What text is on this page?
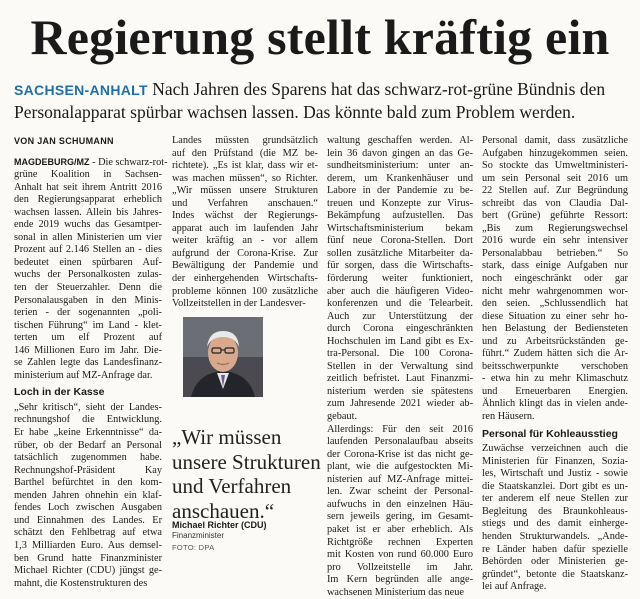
Regierung stellt kräftig ein
SACHSEN-ANHALT Nach Jahren des Sparens hat das schwarz-rot-grüne Bündnis den Personalapparat spürbar wachsen lassen. Das könnte bald zum Problem werden.
VON JAN SCHUMANN
MAGDEBURG/MZ - Die schwarz-rot-
grüne Koalition in Sachsen-
Anhalt hat seit ihrem Antritt 2016
den Regierungsapparat erheblich
wachsen lassen. Allein bis Jahres-
ende 2019 wuchs das Gesamtper-
sonal in allen Ministerien um vier
Prozent auf 2.146 Stellen an - dies
bedeutet einen spürbaren Auf-
wuchs der Personalkosten zulas-
ten der Steuerzahler. Denn die
Personalausgaben in den Minis-
terien - der sogenannten „poli-
tischen Führung“ im Land - klet-
terten um elf Prozent auf
146 Millionen Euro im Jahr. Die-
se Zahlen legte das Landesfinanz-
ministerium auf MZ-Anfrage dar.
Loch in der Kasse
„Sehr kritisch“, sieht der Landes-
rechnungshof die Entwicklung.
Er habe „keine Erkenntnisse“ da-
rüber, ob der Bedarf an Personal
tatsächlich zugenommen habe.
Rechnungshof-Präsident Kay
Barthel befürchtet in den kom-
menden Jahren ohnehin ein klaf-
fendes Loch zwischen Ausgaben
und Einnahmen des Landes. Er
schätzt den Fehlbetrag auf etwa
1,3 Milliarden Euro. Aus demsel-
ben Grund hatte Finanzminister
Michael Richter (CDU) jüngst ge-
mahnt, die Kostenstrukturen des
Landes müssten grundsätzlich
auf den Prüfstand (die MZ be-
richtete). „Es ist klar, dass wir et-
was machen müssen“, so Richter.
„Wir müssen unsere Strukturen
und Verfahren anschauen.“
Indes wächst der Regierungs-
apparat auch im laufenden Jahr
weiter kräftig an - vor allem
aufgrund der Corona-Krise. Zur
Bewältigung der Pandemie und
der einhergehenden Wirtschafts-
probleme können 100 zusätzliche
Vollzeitstellen in der Landesver-
„Wir müssen unsere Strukturen und Verfahren anschauen.“
Michael Richter (CDU)
Finanzminister
FOTO: DPA
waltung geschaffen werden. Al-
lein 36 davon gingen an das Ge-
sundheitsministerium: unter an-
derem, um Krankenhäuser und
Labore in der Pandemie zu be-
treuen und Konzepte zur Virus-
Bekämpfung aufzustellen. Das
Wirtschaftsministerium bekam
fünf neue Corona-Stellen. Dort
sollen zusätzliche Mitarbeiter da-
für sorgen, dass die Wirtschafts-
förderung weiter funktioniert,
aber auch die häufigeren Video-
konferenzen und die Telearbeit.
Auch zur Unterstützung der
durch Corona eingeschränkten
Hochschulen im Land gibt es Ex-
tra-Personal. Die 100 Corona-
Stellen in der Verwaltung sind
zeitlich befristet. Laut Finanzmi-
nisterium werden sie spätestens
zum Jahresende 2021 wieder ab-
gebaut.
Allerdings: Für den seit 2016
laufenden Personalaufbau abseits
der Corona-Krise ist das nicht ge-
plant, wie die aufgestockten Mi-
nisterien auf MZ-Anfrage mittei-
len. Zwar scheint der Personal-
aufwuchs in den einzelnen Häu-
sern jeweils gering, im Gesamt-
paket ist er aber erheblich. Als
Richtgröße rechnen Experten
mit Kosten von rund 60.000 Euro
pro Vollzeitstelle im Jahr.
Im Kern begründen alle ange-
wachsenen Ministerium das neue
Personal damit, dass zusätzliche
Aufgaben hinzugekommen seien.
So stockte das Umweltministeri-
um sein Personal seit 2016 um
22 Stellen auf. Zur Begründung
schreibt das von Claudia Dal-
bert (Grüne) geführte Ressort:
„Bis zum Regierungswechsel
2016 wurde ein sehr intensiver
Personalabbau betrieben.“ So
stark, dass einige Aufgaben nur
noch eingeschränkt oder gar
nicht mehr wahrgenommen wor-
den seien. „Schlussendlich hat
diese Situation zu einer sehr ho-
hen Belastung der Bediensteten
und zu Arbeitsrückständen ge-
führt.“ Zudem hätten sich die Ar-
beitsschwerpunkte verschoben
- etwa hin zu mehr Klimaschutz
und Erneuerbaren Energien.
Ähnlich klingt das in vielen ande-
ren Häusern.
Personal für Kohleausstieg
Zuwächse verzeichnen auch die
Ministerien für Finanzen, Sozia-
les, Wirtschaft und Justiz - sowie
die Staatskanzlei. Dort gibt es un-
ter anderem elf neue Stellen zur
Begleitung des Braunkohleaus-
stiegs und des damit einherge-
henden Strukturwandels. „Ande-
re Länder haben dafür spezielle
Behörden oder Ministerien ge-
gründet“, betonte die Staatskanz-
lei auf Anfrage.
